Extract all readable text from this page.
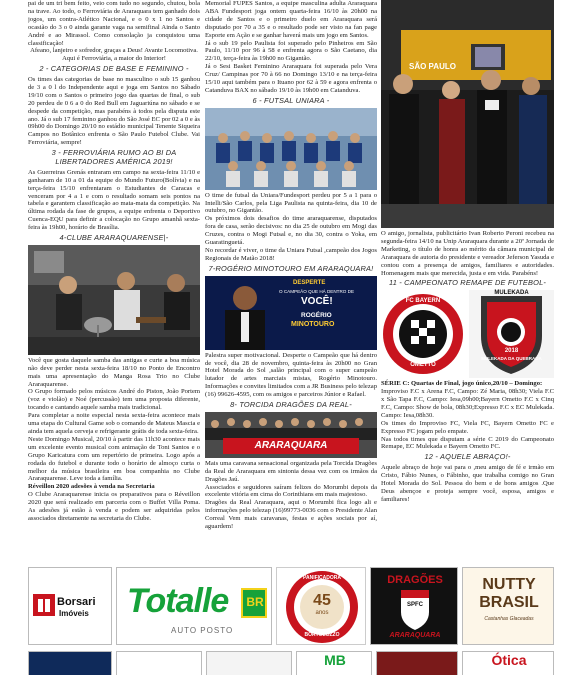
pai de um tri bem feito, veio com tudo no segundo, chutou, bola na trave. Ao todo, o Ferroviária de Araraquara tem ganhado dois jogos, um contra-Atlético Nacional, e o 0 x 1 no Santos e ocasião do 3 o 0 ainda garante vaga na semifinal Ainda o Santo André e ao Mirassol. Como consolação ja conquistou uma classificação!

Afeano, lanjeiro e sofredor, graças a Deus! Avante Locomotiva. Aqui é Ferroviária, a maior do Interior!

2 - CATEGORIAS DE BASE E FEMININO -

Os times das categorias de base no masculino o sub 15 ganhou de 3 a 0 l do Independente aqui e joga em Santos no Sábado 19/10 com o Santos o primeiro jogo das quartas de final, o sub 20 perdeu de 0 6 a 0 do Red Bull em Jaguariúna no sábado e se despede da competição, mas parabéns à todos pela disputa este ano. Já o sub 17 feminino ganhou do São José EC por 02 a 0 e às 09h00 do Domingo 20/10 no estádio municipal Tenente Siqueira Campos no Botânico enfrenta o São Paulo Futebol Clube. Vai Ferroviária, sempre!

3 - FERROVIÁRIA RUMO AO BI DA LIBERTADORES AMÉRICA 2019!

As Guerreiras Grenás entraram em campo na sexta-feira 11/10 e ganharam de 10 a 01 da equipe do Mundo Futuro(Bolívia) e na terça-feira 15/10 enfrentaram o Estudiantes de Caracas e venceram por 4 a 1 e com o resultado somam seis pontos na tabela e garantem classificação ao mata-mata da competição. Na última rodada da fase de grupos, a equipe enfrenta o Deportivo Cuenca-EQU para definir a colocação no Grupo amanhã sexta-feira às 19h00, horário de Brasília.

4-CLUBE ARARAQUARENSE|-

Você que gosta daquele samba das antigas e curte a boa música não deve perder nesta sexta-feira 18/10 no Ponto de Encontro mais uma apresentação do Manga Rosa Trio no Clube Araraquarense.

O Grupo formado pelos músicos André do Piston, João Portem (voz e violão) e Noé (percussão) tem uma proposta diferente, tocando e cantando aquele samba mais tradicional.

Para completar a noite especial nesta sexta-feira acontece mais uma etapa do Cultural Game sob o comando de Mateus Mascia e ainda tem aquela cerveja e refrigerante grátis de toda sexta-feira.

Neste Domingo Musical, 20/10 à partir das 11h30 acontece mais um excelente evento musical com animação de Toni Santos e o Grupo Karicatura com um repertório de primeira. Logo após a rodada do futebol e durante todo o horário de almoço curta o melhor da música brasileira em boa companhia no Clube Araraquarense. Leve toda a família.

Réveillon 2020 adesões à venda na Secretaria

O Clube Araraquarense inicia os preparativos para o Réveillon 2020 que será realizado em parceria com o Buffet Villa Poma. As adesões já estão à venda e podem ser adquiridas pelos associados diretamente na secretaria do Clube.

Memorial FUPES Santos, a equipe masculina adulta Araraquara ABA Fundesport joga ontem quarta-feira 16/10 às 20h00 na cidade de Santos e o primeiro duelo em Araraquara será disputado por 70 a 35 e o resultado pode ser visto na fan page Esporte em Ação e se ganhar haverá mais um jogo em Santos.

Já o sub 19 pelo Paulista foi superado pelo Pinheiros em São Paulo, 11/10 por 96 à 58 e enfrenta agora o São Caetano, dia 22/10, terça-feira às 19h00 no Gigantão.

Já o Sesi Basket Feminino Araraquara foi superada pelo Vera Cruz/ Campinas por 70 à 66 no Domingo 13/10 e na terça-feira 15/10 aqui também para o Ituano por 62 à 59 e agora enfrenta o Catanduva BAX no sábado 19/10 às 19h00 em Catanduva.

6 - FUTSAL UNIARA -

O time de futsal da Uniara/Fundesport perdeu por 5 a 1 para o Intelli/São Carlos, pela Liga Paulista na quinta-feira, dia 10 de outubro, no Gigantão.

Os próximos dois desafios do time araraquarense, disputados fora de casa, serão decisivos: no dia 25 de outubro em Mogi das Cruzes, contra o Mogi Futsal e, no dia 30, contra o Yoka, em Guaratinguetá.

No recordar é viver, o time da Uniara Futsal ,campeão dos Jogos Regionais de Matão 2018!

7-ROGÉRIO MINOTOURO EM ARARAQUARA!
DESPERTE
O CAMPEÃO QUE HÁ DENTRO DE
VOCÊ!
ROGÉRIO
MINOTOURO

Palestra super motivacional. Desperte o Campeão que há dentro de você, dia 28 de novembro, quinta-feira às 20h00 no Gran Hotel Morada do Sol ,salão principal com o super campeão lutador de artes marciais mistas, Rogério Minotouro. Informações e convites limitados com a JR Business pelo telezap (16) 99626-4595, com os amigos e parceiros Júnior e Rafael.

8- TORCIDA DRAGÕES DA REAL-
ARARAQUARA

Mais uma caravana sensacional organizada pela Torcida Dragões da Real de Araraquara em sintonia dessa vez com os irmãos da Dragões Jaú.

Associados e seguidores saíram felizes do Morumbi depois da excelente vitória em cima do Corinthians em mais majestoso.

Dragões da Real Araraquara, aqui o Morumbi fica logo ali e informações pelo telezap (16)99773-0036 com o Presidente Alan Correal Vem mais caravanas, festas e ações sociais por aí, aguardem!

SÃO PAULO

O amigo, jornalista, publicitário Ivan Roberto Peroni recebeu na segunda-feira 14/10 na Unip Araraquara durante a 20ª Jornada de Marketing, o título de honra ao mérito da câmara municipal de Araraquara de autoria do presidente e vereador Jeferson Yasuda e contou com a presença de amigos, familiares e autoridades. Homenagem mais que merecida, justa e em vida. Parabéns!

11 - CAMPEONATO REMAPE DE FUTEBOL-
FC BAYERN
OMETTO
MULEKADA
2018
MULEKADA DA QUEBRADA

SÉRIE C: Quartas de Final, jogo único,20/10 – Domingo:

Improviso F.C x Arena F.C, Campo: Zé Maria, 08h30; Viela F.C x São Tapa F.C, Campo: Iesa,09h00;Bayern Ometto F.C x Cinq F.C, Campo: Show de bola, 08h30;Expresso F.C x EC Mulekada. Campo: Iesa,08h30.

Os times do Improviso FC, Viela FC, Bayern Ometto FC e Expresso FC jogam pelo empate.

Nas todos times que disputam a série C 2019 do Campeonato Remape, EC Mulekada e Bayern Ometto FC.

12 - AQUELE ABRAÇO!-

Aquele abraço de hoje vai para o ,meu amigo de fé e irmão em Cristo, Fábio Nunes, o Fábinho, que trabalha comigo no Gran Hotel Morada do Sol. Pessoa do bem e de bons amigos .Que Deus abençoe e proteja sempre você, esposa, amigos e familiares!

Borsari
Imóveis Totalle BR
AUTO POSTO
PANIFICADORA
45
anos
BORTOLOZZO
DRAGÕES
SPFC
ARARAQUARA
NUTTY
BRASIL
Castanhas Glaceadas
MB	Ótica
